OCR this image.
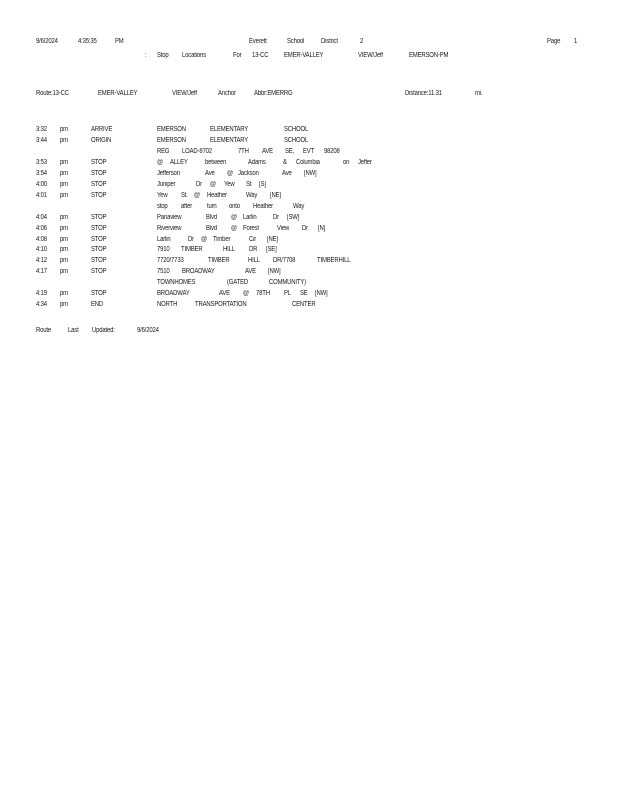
9/6/2024	4:35:35	PM	Everett	School District	2	Page 1
: Stop Locations	For 13-CC EMER-VALLEY	VIEW/Jeff	EMERSON-PM
Route:13-CC	EMER-VALLEY	VIEW/Jeff	Anchor	Abbr:EMERRG	Distance:11.31	mi.
3:32 pm	ARRIVE	EMERSON	ELEMENTARY	SCHOOL
3:44 pm	ORIGIN	EMERSON	ELEMENTARY	SCHOOL
REG LOAD-8702	7TH AVE SE, EVT 98208
3:53 pm	STOP	@ ALLEY between	Adams & Columbia	on Jeffer
3:54 pm	STOP	Jefferson	Ave @ Jackson	Ave [NW]
4:00 pm	STOP	Juniper	Dr @ Yew St [S]
4:01 pm	STOP	Yew St. @ Heather	Way [NE]
stop after turn onto Heather	Way
4:04 pm	STOP	Panaview	Blvd @ Larlin Dr [SW]
4:06 pm	STOP	Riverview	Blvd @ Forest	View Dr [N]
4:08 pm	STOP	Larlin Dr @ Timber	Cir [NE]
4:10 pm	STOP	7910 TIMBER	HILL DR [SE]
4:12 pm	STOP	7720/7733	TIMBER	HILL DR/7708	TIMBERHILL
4:17 pm	STOP	7510 BROADWAY	AVE [NW]
TOWNHOMES	(GATED	COMMUNITY)
4:19 pm	STOP	BROADWAY	AVE @ 78TH PL SE [NW]
4:34 pm	END	NORTH	TRANSPORTATION	CENTER
Route Last Updated:	9/6/2024
